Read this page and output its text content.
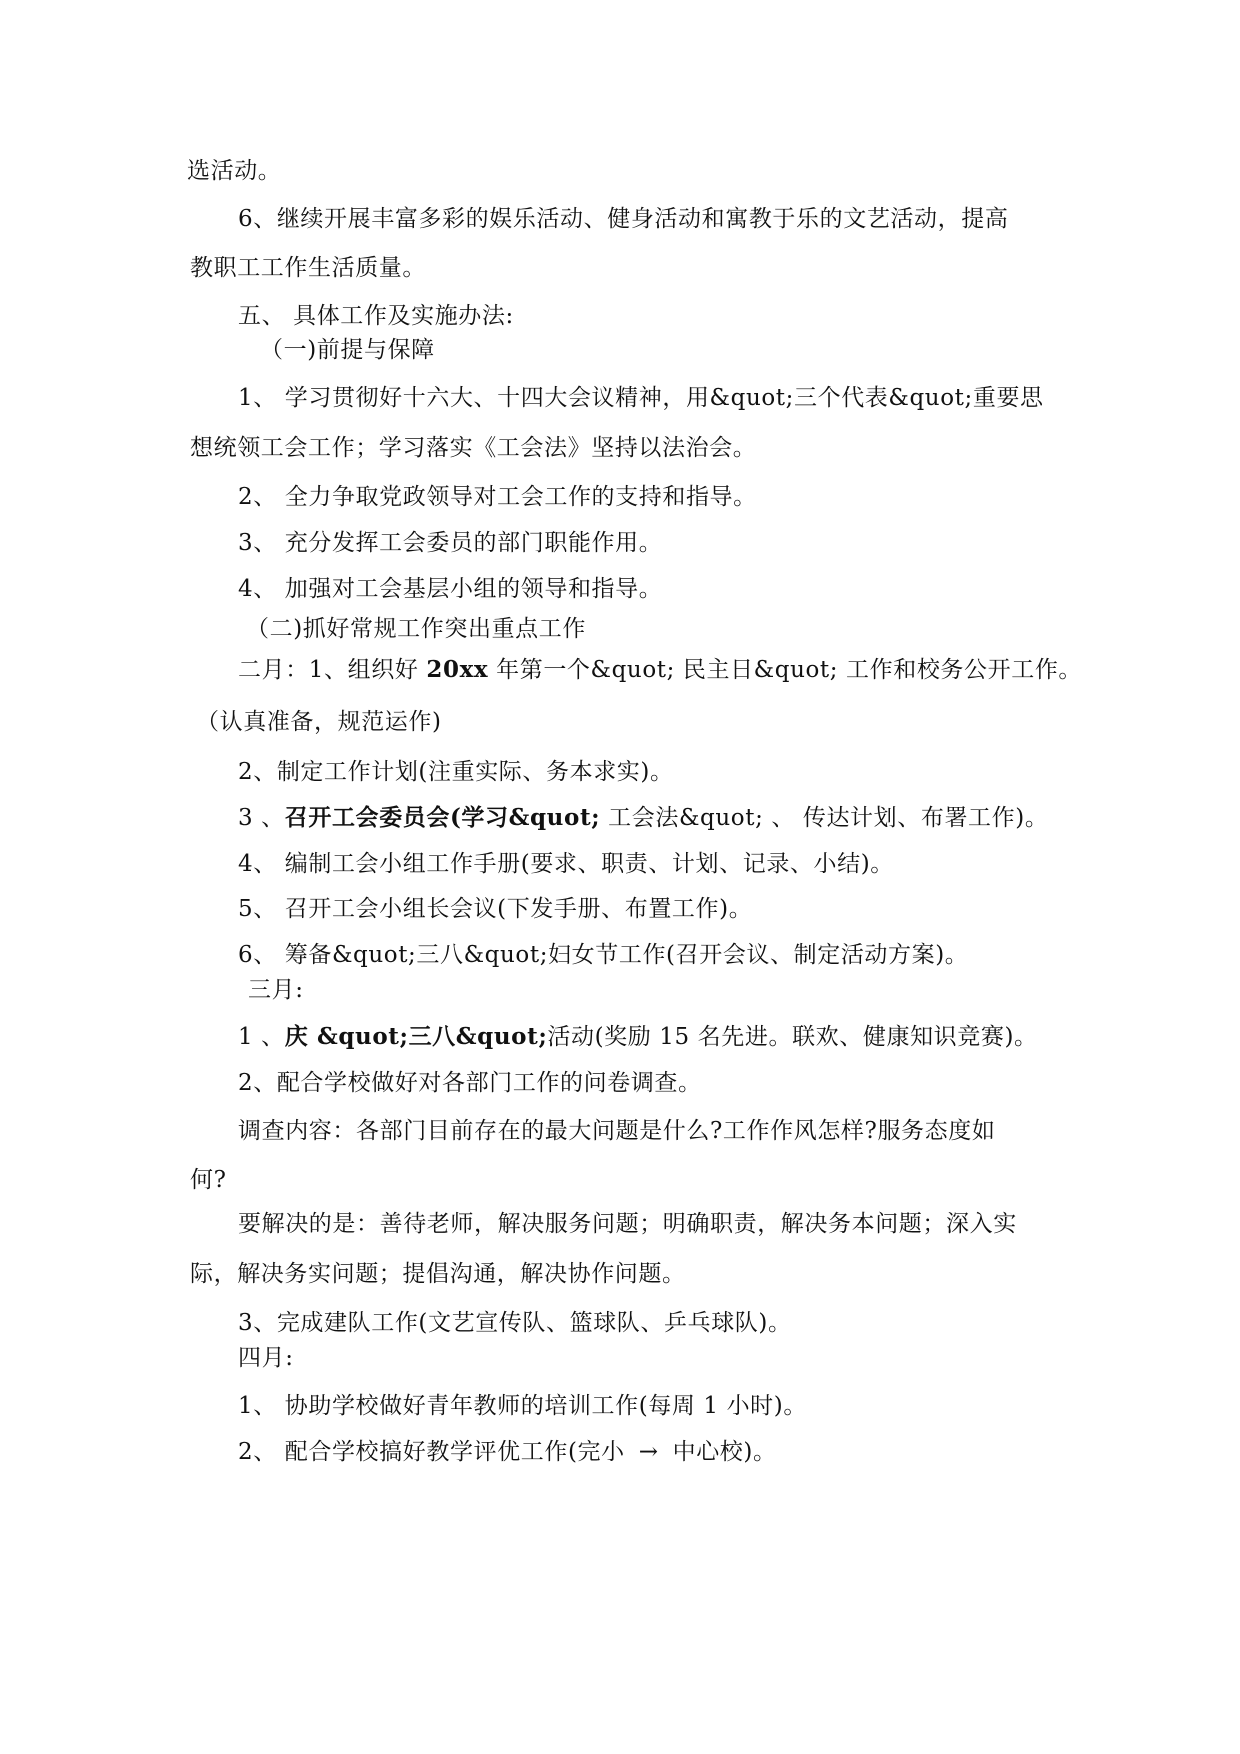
选活动。
6、继续开展丰富多彩的娱乐活动、健身活动和寓教于乐的文艺活动，提高
教职工工作生活质量。
五、 具体工作及实施办法:
（一)前提与保障
1、 学习贯彻好十六大、十四大会议精神，用&quot;三个代表&quot;重要思
想统领工会工作；学习落实《工会法》坚持以法治会。
2、 全力争取党政领导对工会工作的支持和指导。
3、 充分发挥工会委员的部门职能作用。
4、 加强对工会基层小组的领导和指导。
（二)抓好常规工作突出重点工作
二月：1、组织好 20xx 年第一个&quot; 民主日&quot; 工作和校务公开工作。
（认真准备，规范运作)
2、制定工作计划(注重实际、务本求实)。
3 、召开工会委员会(学习&quot; 工会法&quot; 、 传达计划、布署工作)。
4、 编制工会小组工作手册(要求、职责、计划、记录、小结)。
5、 召开工会小组长会议(下发手册、布置工作)。
6、 筹备&quot;三八&quot;妇女节工作(召开会议、制定活动方案)。
三月:
1 、庆 &quot;三八&quot;活动(奖励 15 名先进。联欢、健康知识竞赛)。
2、配合学校做好对各部门工作的问卷调查。
调查内容：各部门目前存在的最大问题是什么?工作作风怎样?服务态度如
何?
要解决的是：善待老师，解决服务问题；明确职责，解决务本问题；深入实
际，解决务实问题；提倡沟通，解决协作问题。
3、完成建队工作(文艺宣传队、篮球队、乒乓球队)。
四月:
1、 协助学校做好青年教师的培训工作(每周 1 小时)。
2、 配合学校搞好教学评优工作(完小 → 中心校)。
